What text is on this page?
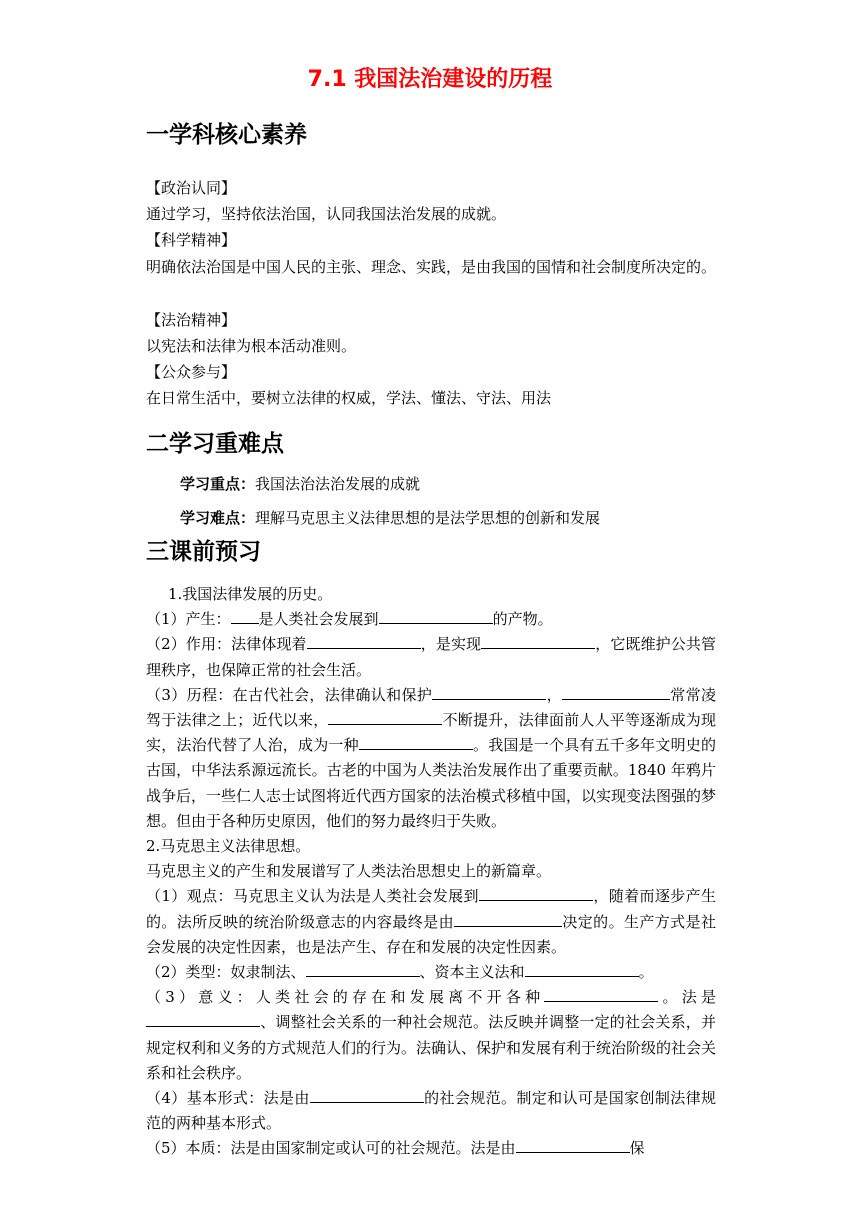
7.1 我国法治建设的历程
一学科核心素养
【政治认同】
通过学习，坚持依法治国，认同我国法治发展的成就。
【科学精神】
明确依法治国是中国人民的主张、理念、实践，是由我国的国情和社会制度所决定的。
【法治精神】
以宪法和法律为根本活动准则。
【公众参与】
在日常生活中，要树立法律的权威，学法、懂法、守法、用法
二学习重难点
学习重点：我国法治法治发展的成就
学习难点：理解马克思主义法律思想的是法学思想的创新和发展
三课前预习

1.我国法律发展的历史。

（1）产生： 是人类社会发展到	的产物。

（2）作用：法律体现着	，是实现	，它既维护公共管理秩序，也保障正常的社会生活。

（3）历程：在古代社会，法律确认和保护	，	常常凌驾于法律之上；近代以来，	不断提升，法律面前人人平等逐渐成为现实，法治代替了人治，成为一种	。我国是一个具有五千多年文明史的古国，中华法系源远流长。古老的中国为人类法治发展作出了重要贡献。1840 年鸦片战争后，一些仁人志士试图将近代西方国家的法治模式移植中国，以实现变法图强的梦想。但由于各种历史原因，他们的努力最终归于失败。

2.马克思主义法律思想。

马克思主义的产生和发展谱写了人类法治思想史上的新篇章。

（1）观点：马克思主义认为法是人类社会发展到	，随着而逐步产生的。法所反映的统治阶级意志的内容最终是由	决定的。生产方式是社会发展的决定性因素，也是法产生、存在和发展的决定性因素。

（2）类型：奴隶制法、	、资本主义法和	。

（3）意义：人类社会的存在和发展离不开各种	。法是、调整社会关系的一种社会规范。法反映并调整一定的社会关系，并规定权利和义务的方式规范人们的行为。法确认、保护和发展有利于统治阶级的社会关系和社会秩序。

（4）基本形式：法是由	的社会规范。制定和认可是国家创制法律规范的两种基本形式。

（5）本质：法是由国家制定或认可的社会规范。法是由	保
